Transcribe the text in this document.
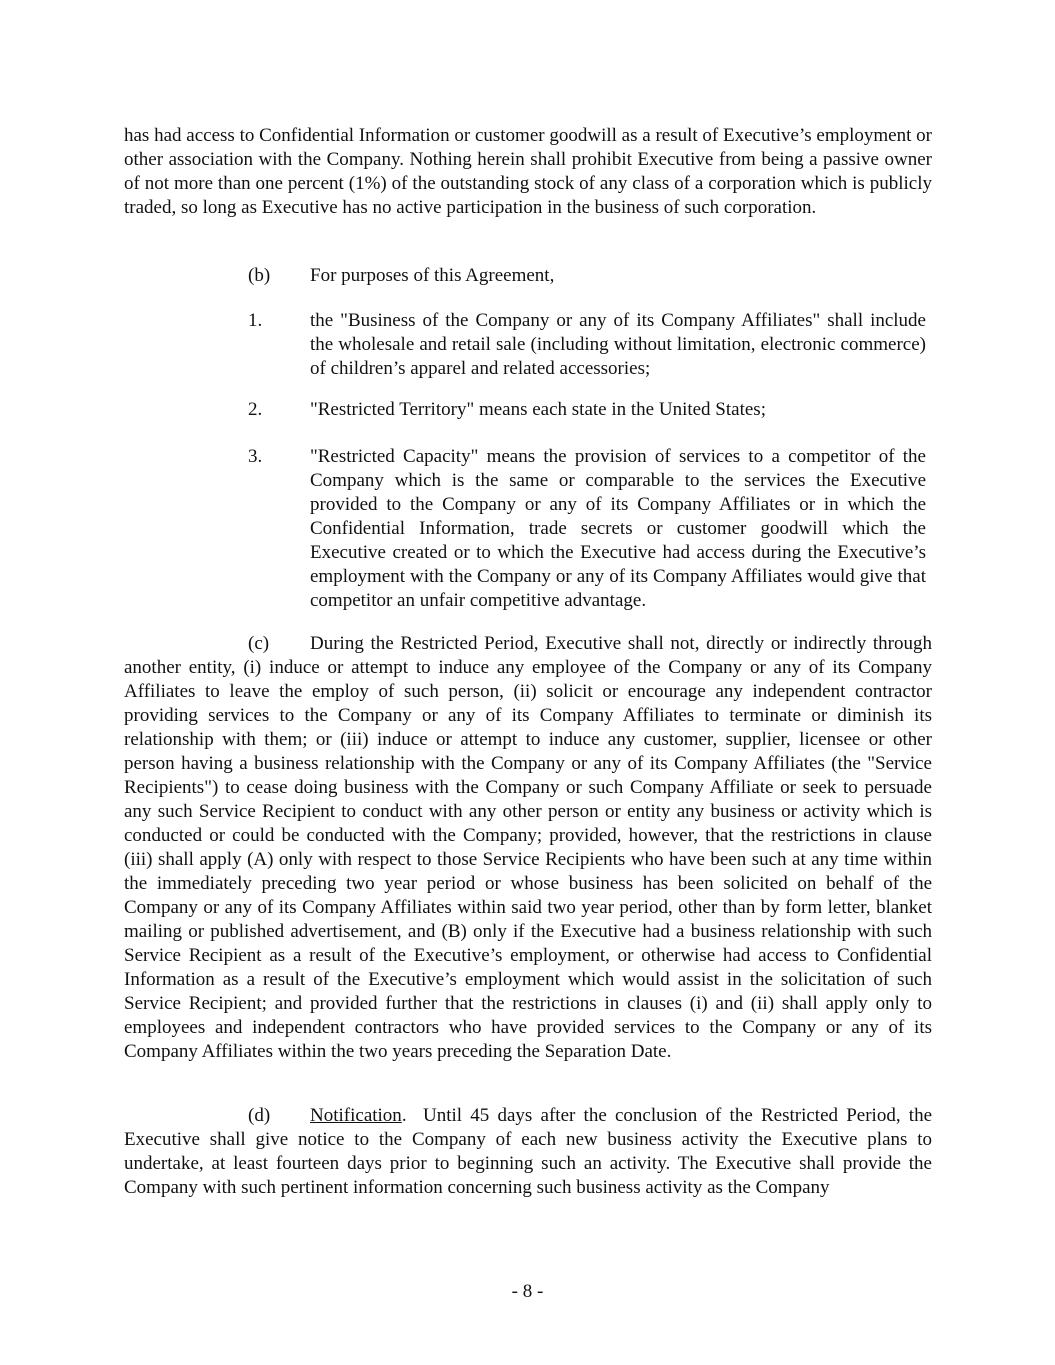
has had access to Confidential Information or customer goodwill as a result of Executive’s employment or other association with the Company. Nothing herein shall prohibit Executive from being a passive owner of not more than one percent (1%) of the outstanding stock of any class of a corporation which is publicly traded, so long as Executive has no active participation in the business of such corporation.
(b)	For purposes of this Agreement,
1.	the "Business of the Company or any of its Company Affiliates" shall include the wholesale and retail sale (including without limitation, electronic commerce) of children’s apparel and related accessories;
2.	"Restricted Territory" means each state in the United States;
3.	"Restricted Capacity" means the provision of services to a competitor of the Company which is the same or comparable to the services the Executive provided to the Company or any of its Company Affiliates or in which the Confidential Information, trade secrets or customer goodwill which the Executive created or to which the Executive had access during the Executive’s employment with the Company or any of its Company Affiliates would give that competitor an unfair competitive advantage.
(c) During the Restricted Period, Executive shall not, directly or indirectly through another entity, (i) induce or attempt to induce any employee of the Company or any of its Company Affiliates to leave the employ of such person, (ii) solicit or encourage any independent contractor providing services to the Company or any of its Company Affiliates to terminate or diminish its relationship with them; or (iii) induce or attempt to induce any customer, supplier, licensee or other person having a business relationship with the Company or any of its Company Affiliates (the "Service Recipients") to cease doing business with the Company or such Company Affiliate or seek to persuade any such Service Recipient to conduct with any other person or entity any business or activity which is conducted or could be conducted with the Company; provided, however, that the restrictions in clause (iii) shall apply (A) only with respect to those Service Recipients who have been such at any time within the immediately preceding two year period or whose business has been solicited on behalf of the Company or any of its Company Affiliates within said two year period, other than by form letter, blanket mailing or published advertisement, and (B) only if the Executive had a business relationship with such Service Recipient as a result of the Executive’s employment, or otherwise had access to Confidential Information as a result of the Executive’s employment which would assist in the solicitation of such Service Recipient; and provided further that the restrictions in clauses (i) and (ii) shall apply only to employees and independent contractors who have provided services to the Company or any of its Company Affiliates within the two years preceding the Separation Date.
(d) Notification.  Until 45 days after the conclusion of the Restricted Period, the Executive shall give notice to the Company of each new business activity the Executive plans to undertake, at least fourteen days prior to beginning such an activity. The Executive shall provide the Company with such pertinent information concerning such business activity as the Company
- 8 -
